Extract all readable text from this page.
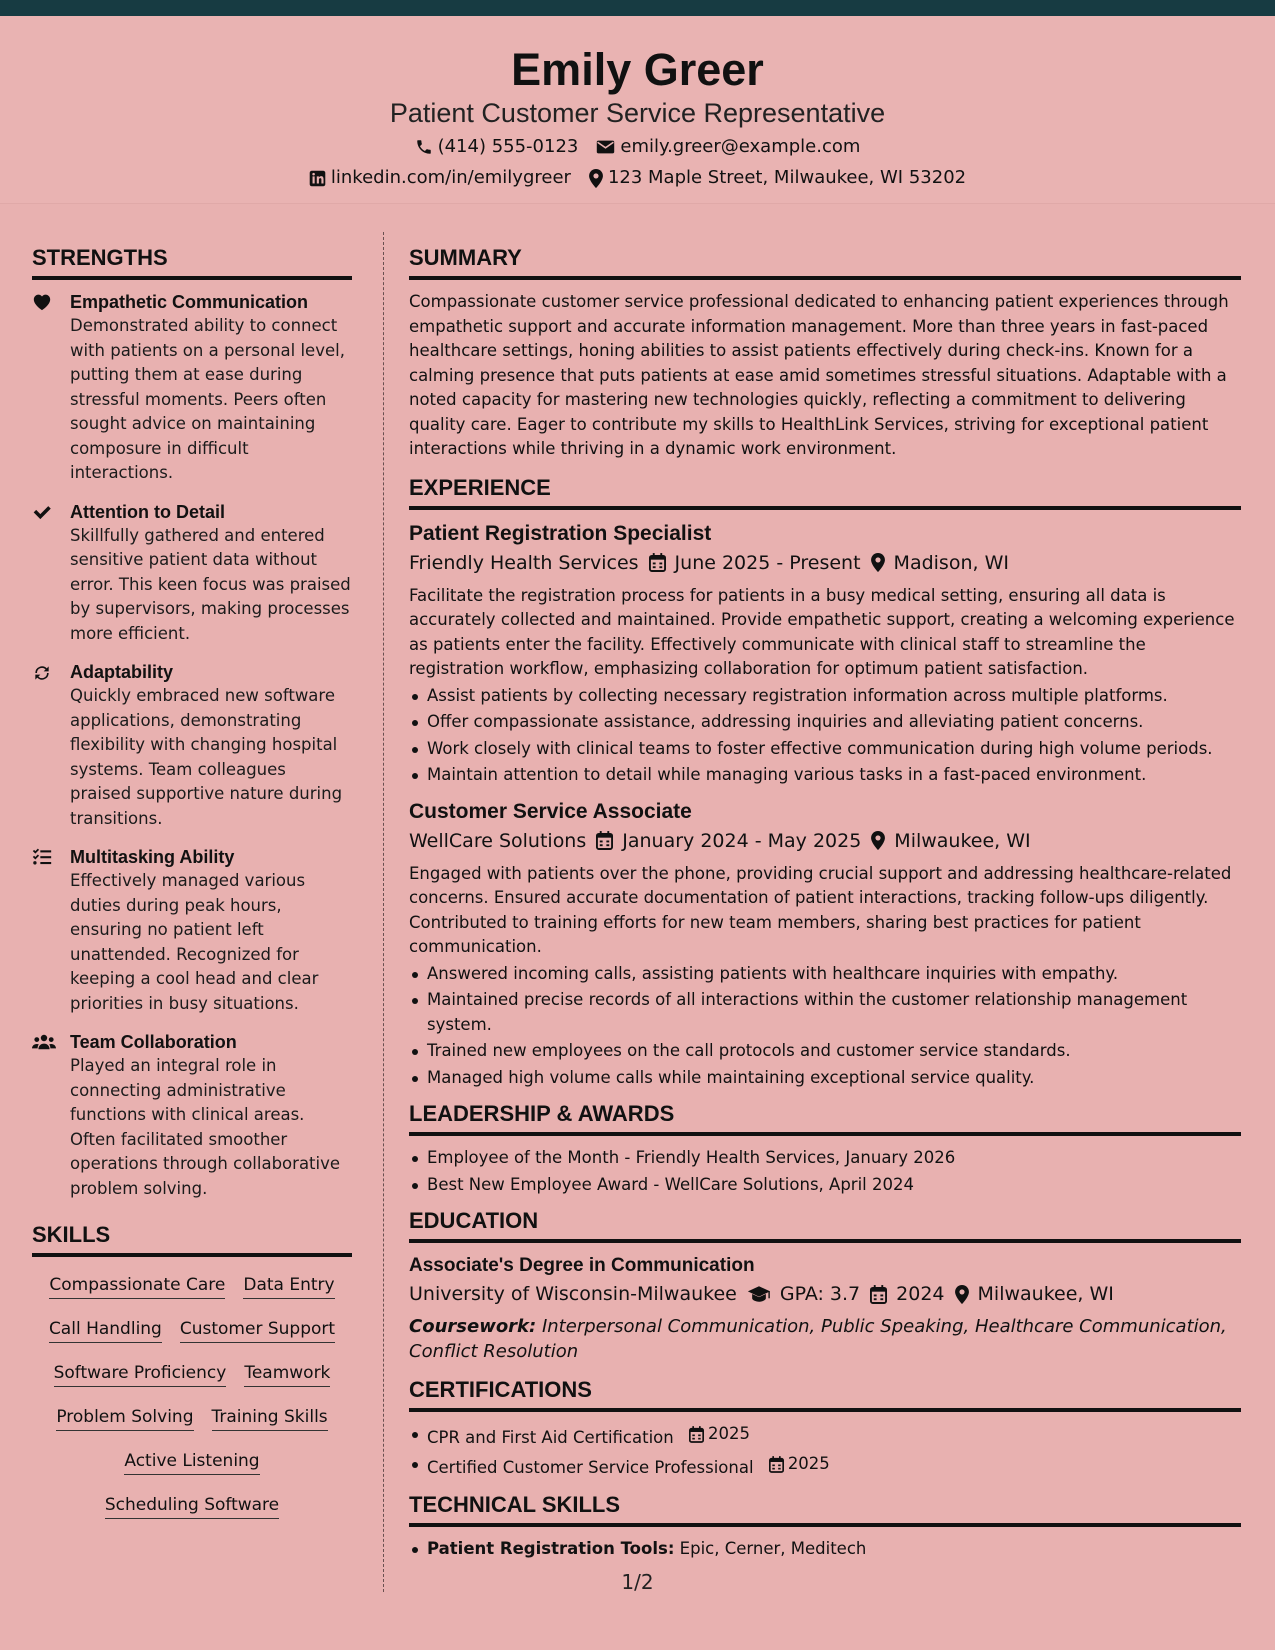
Emily Greer
Patient Customer Service Representative
(414) 555-0123 emily.greer@example.com
linkedin.com/in/emilygreer 123 Maple Street, Milwaukee, WI 53202
STRENGTHS
Empathetic Communication
Demonstrated ability to connect with patients on a personal level, putting them at ease during stressful moments. Peers often sought advice on maintaining composure in difficult interactions.
Attention to Detail
Skillfully gathered and entered sensitive patient data without error. This keen focus was praised by supervisors, making processes more efficient.
Adaptability
Quickly embraced new software applications, demonstrating flexibility with changing hospital systems. Team colleagues praised supportive nature during transitions.
Multitasking Ability
Effectively managed various duties during peak hours, ensuring no patient left unattended. Recognized for keeping a cool head and clear priorities in busy situations.
Team Collaboration
Played an integral role in connecting administrative functions with clinical areas. Often facilitated smoother operations through collaborative problem solving.
SKILLS
Compassionate Care Data Entry
Call Handling Customer Support
Software Proficiency Teamwork
Problem Solving Training Skills
Active Listening
Scheduling Software
SUMMARY
Compassionate customer service professional dedicated to enhancing patient experiences through empathetic support and accurate information management. More than three years in fast-paced healthcare settings, honing abilities to assist patients effectively during check-ins. Known for a calming presence that puts patients at ease amid sometimes stressful situations. Adaptable with a noted capacity for mastering new technologies quickly, reflecting a commitment to delivering quality care. Eager to contribute my skills to HealthLink Services, striving for exceptional patient interactions while thriving in a dynamic work environment.
EXPERIENCE
Patient Registration Specialist
Friendly Health Services June 2025 - Present Madison, WI
Facilitate the registration process for patients in a busy medical setting, ensuring all data is accurately collected and maintained. Provide empathetic support, creating a welcoming experience as patients enter the facility. Effectively communicate with clinical staff to streamline the registration workflow, emphasizing collaboration for optimum patient satisfaction.
Assist patients by collecting necessary registration information across multiple platforms.
Offer compassionate assistance, addressing inquiries and alleviating patient concerns.
Work closely with clinical teams to foster effective communication during high volume periods.
Maintain attention to detail while managing various tasks in a fast-paced environment.
Customer Service Associate
WellCare Solutions January 2024 - May 2025 Milwaukee, WI
Engaged with patients over the phone, providing crucial support and addressing healthcare-related concerns. Ensured accurate documentation of patient interactions, tracking follow-ups diligently. Contributed to training efforts for new team members, sharing best practices for patient communication.
Answered incoming calls, assisting patients with healthcare inquiries with empathy.
Maintained precise records of all interactions within the customer relationship management system.
Trained new employees on the call protocols and customer service standards.
Managed high volume calls while maintaining exceptional service quality.
LEADERSHIP & AWARDS
Employee of the Month - Friendly Health Services, January 2026
Best New Employee Award - WellCare Solutions, April 2024
EDUCATION
Associate's Degree in Communication
University of Wisconsin-Milwaukee GPA: 3.7 2024 Milwaukee, WI
Coursework: Interpersonal Communication, Public Speaking, Healthcare Communication, Conflict Resolution
CERTIFICATIONS
CPR and First Aid Certification 2025
Certified Customer Service Professional 2025
TECHNICAL SKILLS
Patient Registration Tools: Epic, Cerner, Meditech
1/2
